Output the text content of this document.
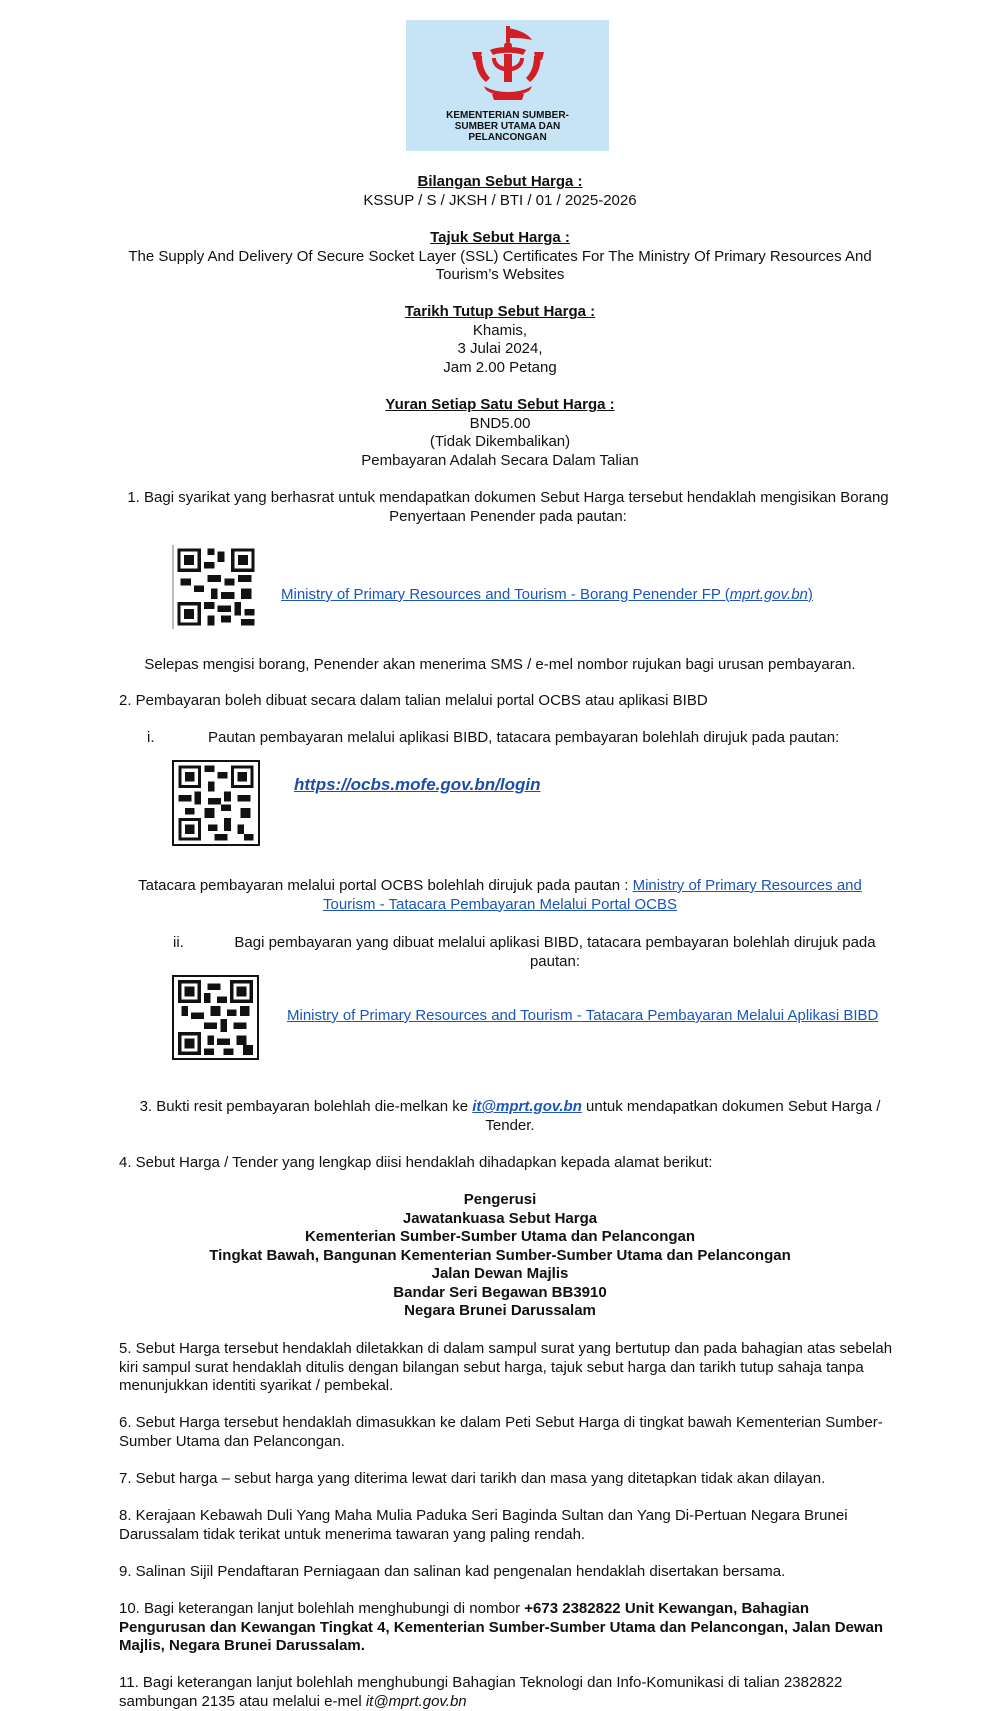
KEMENTERIAN SUMBER-
SUMBER UTAMA DAN
PELANCONGAN
Bilangan Sebut Harga :
KSSUP / S / JKSH / BTI / 01 / 2025-2026
Tajuk Sebut Harga :
The Supply And Delivery Of Secure Socket Layer (SSL) Certificates For The Ministry Of Primary Resources And
Tourism’s Websites
Tarikh Tutup Sebut Harga :
Khamis,
3 Julai 2024,
Jam 2.00 Petang
Yuran Setiap Satu Sebut Harga :
BND5.00
(Tidak Dikembalikan)
Pembayaran Adalah Secara Dalam Talian
1. Bagi syarikat yang berhasrat untuk mendapatkan dokumen Sebut Harga tersebut hendaklah mengisikan Borang
Penyertaan Penender pada pautan:
Ministry of Primary Resources and Tourism - Borang Penender FP (mprt.gov.bn)
Selepas mengisi borang, Penender akan menerima SMS / e-mel nombor rujukan bagi urusan pembayaran.
2. Pembayaran boleh dibuat secara dalam talian melalui portal OCBS atau aplikasi BIBD
i.	Pautan pembayaran melalui aplikasi BIBD, tatacara pembayaran bolehlah dirujuk pada pautan:
https://ocbs.mofe.gov.bn/login
Tatacara pembayaran melalui portal OCBS bolehlah dirujuk pada pautan : Ministry of Primary Resources and
Tourism - Tatacara Pembayaran Melalui Portal OCBS
ii.	Bagi pembayaran yang dibuat melalui aplikasi BIBD, tatacara pembayaran bolehlah dirujuk pada
pautan:
Ministry of Primary Resources and Tourism - Tatacara Pembayaran Melalui Aplikasi BIBD
3. Bukti resit pembayaran bolehlah die-melkan ke it@mprt.gov.bn untuk mendapatkan dokumen Sebut Harga /
Tender.
4. Sebut Harga / Tender yang lengkap diisi hendaklah dihadapkan kepada alamat berikut:
Pengerusi
Jawatankuasa Sebut Harga
Kementerian Sumber-Sumber Utama dan Pelancongan
Tingkat Bawah, Bangunan Kementerian Sumber-Sumber Utama dan Pelancongan
Jalan Dewan Majlis
Bandar Seri Begawan BB3910
Negara Brunei Darussalam
5. Sebut Harga tersebut hendaklah diletakkan di dalam sampul surat yang bertutup dan pada bahagian atas sebelah
kiri sampul surat hendaklah ditulis dengan bilangan sebut harga, tajuk sebut harga dan tarikh tutup sahaja tanpa
menunjukkan identiti syarikat / pembekal.
6. Sebut Harga tersebut hendaklah dimasukkan ke dalam Peti Sebut Harga di tingkat bawah Kementerian Sumber-
Sumber Utama dan Pelancongan.
7. Sebut harga – sebut harga yang diterima lewat dari tarikh dan masa yang ditetapkan tidak akan dilayan.
8. Kerajaan Kebawah Duli Yang Maha Mulia Paduka Seri Baginda Sultan dan Yang Di-Pertuan Negara Brunei
Darussalam tidak terikat untuk menerima tawaran yang paling rendah.
9. Salinan Sijil Pendaftaran Perniagaan dan salinan kad pengenalan hendaklah disertakan bersama.
10. Bagi keterangan lanjut bolehlah menghubungi di nombor +673 2382822 Unit Kewangan, Bahagian
Pengurusan dan Kewangan Tingkat 4, Kementerian Sumber-Sumber Utama dan Pelancongan, Jalan Dewan
Majlis, Negara Brunei Darussalam.
11. Bagi keterangan lanjut bolehlah menghubungi Bahagian Teknologi dan Info-Komunikasi di talian 2382822
sambungan 2135 atau melalui e-mel it@mprt.gov.bn
